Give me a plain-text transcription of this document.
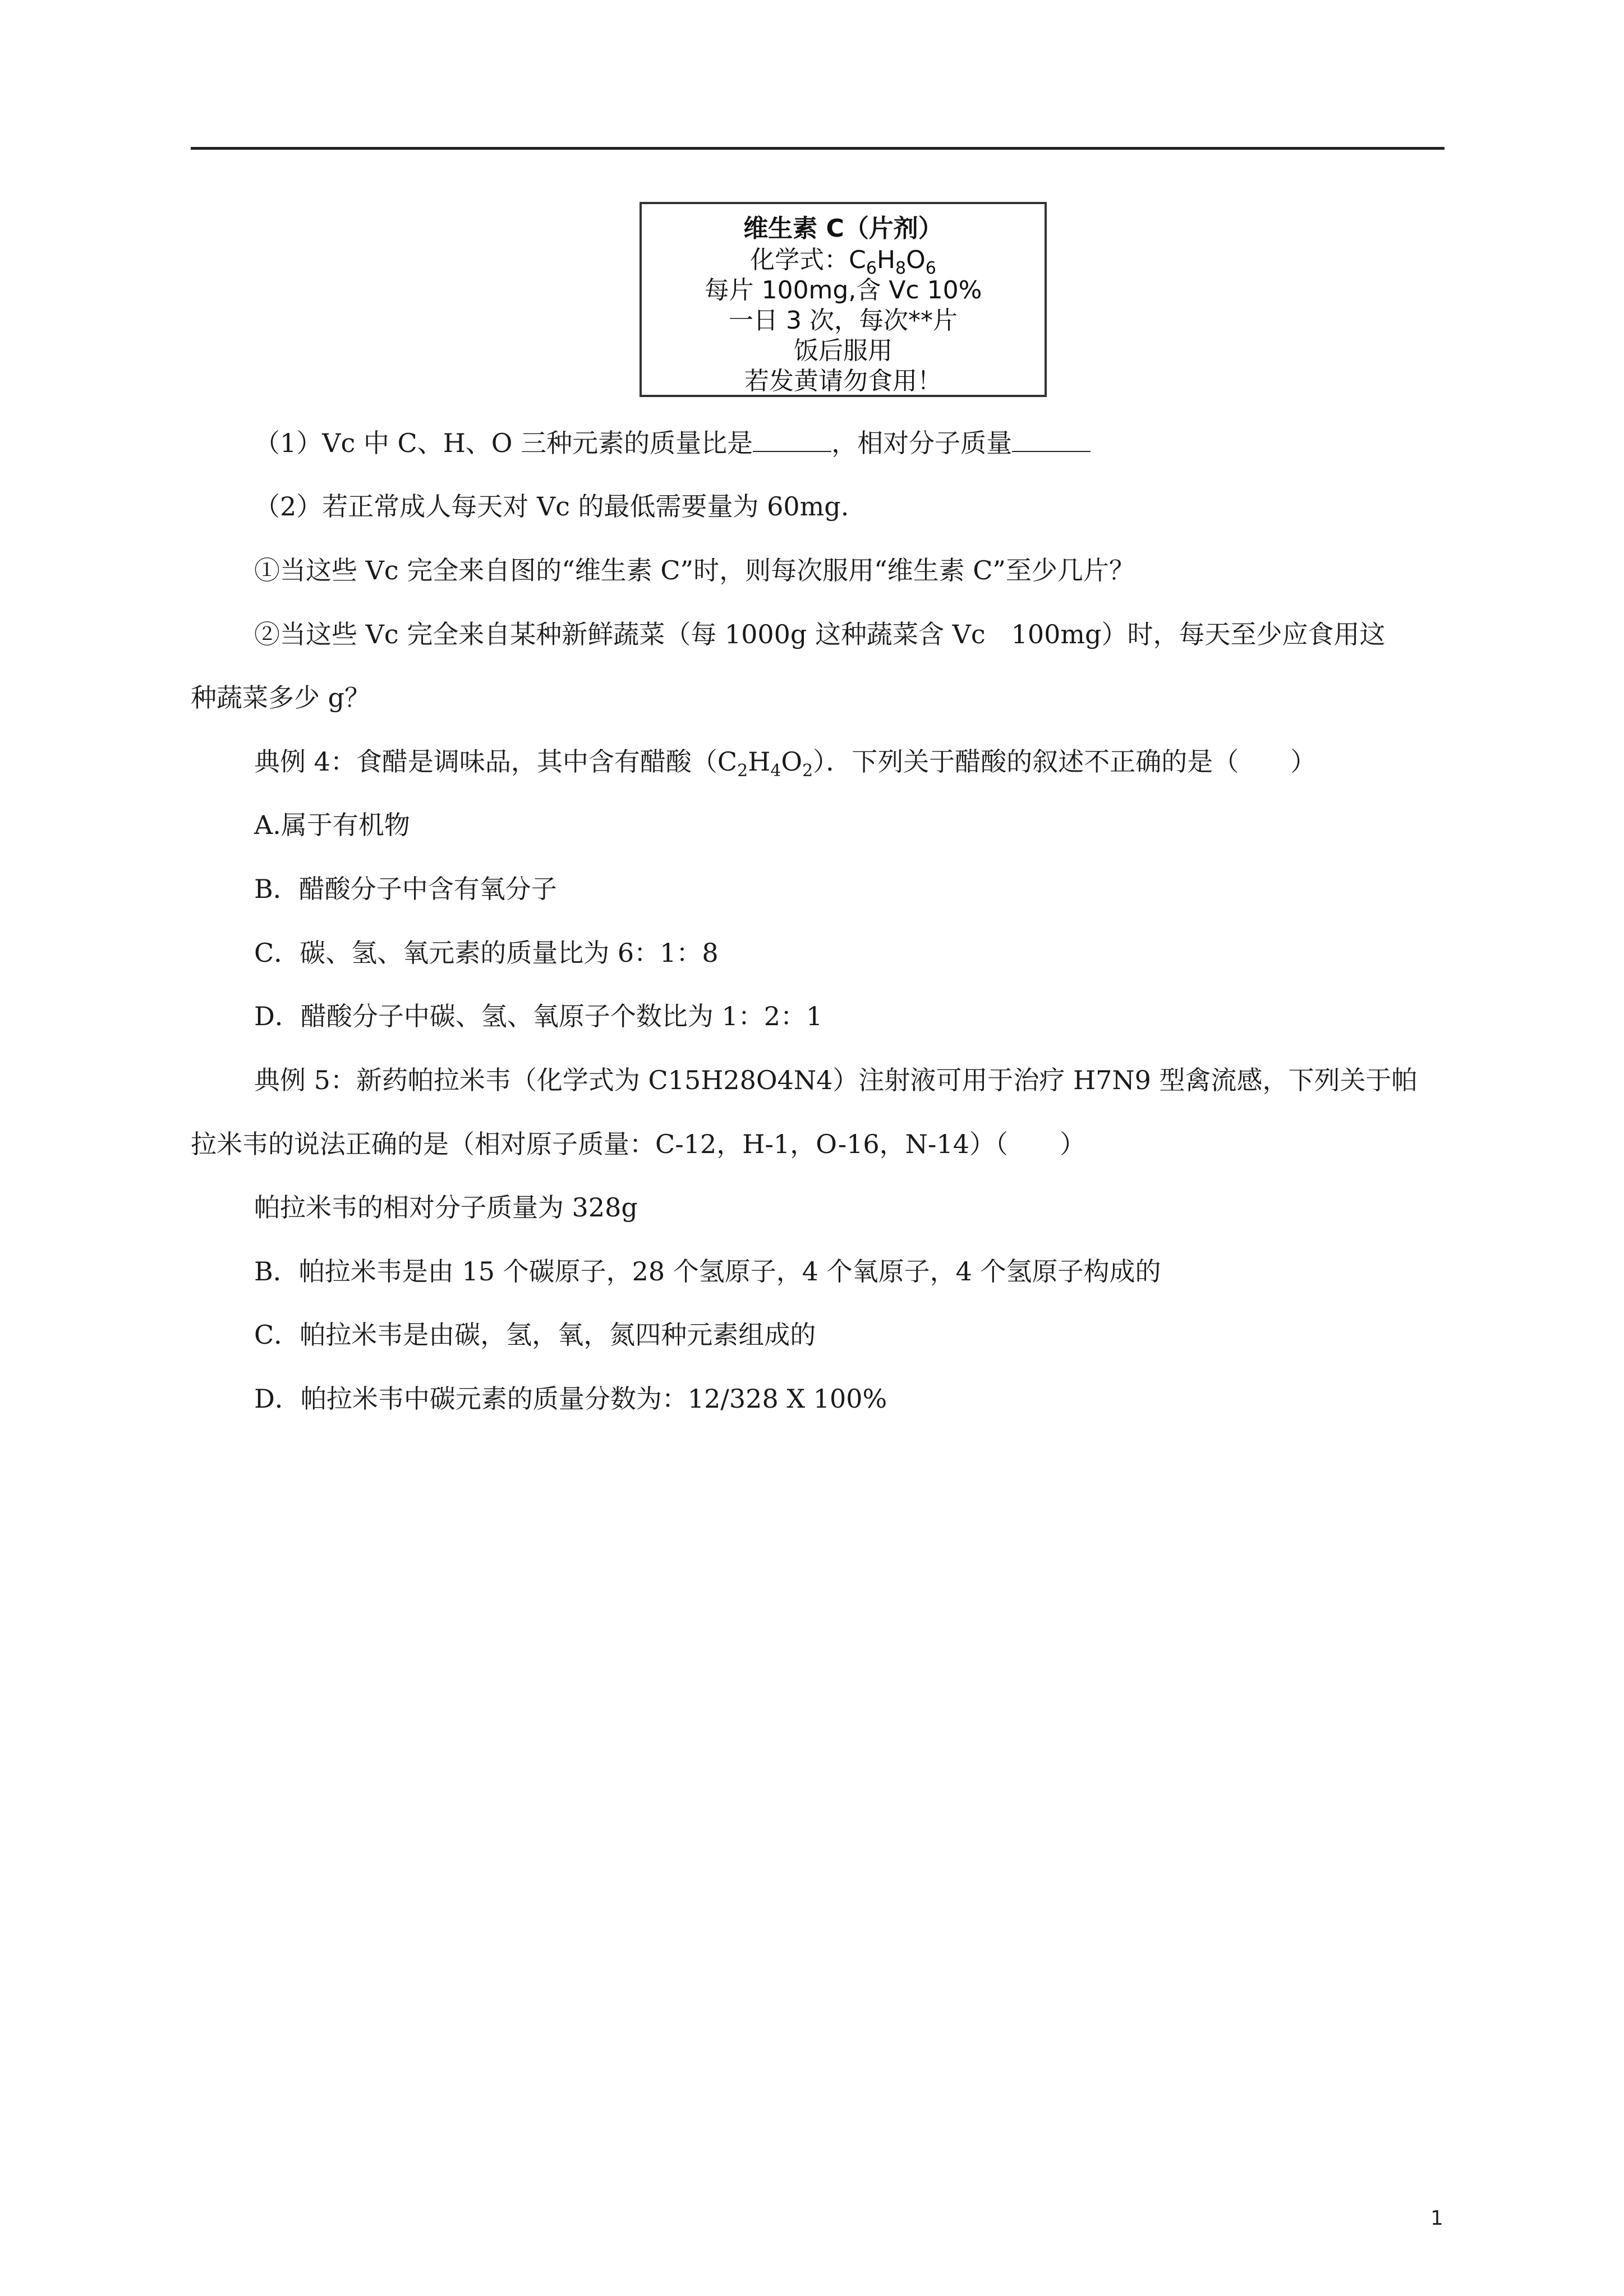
维生素 C（片剂）
化学式：$C_6H_8O_6$
每片 100mg,含 Vc 10%
一日 3 次，每次**片
饭后服用
若发黄请勿食用！
（1）Vc 中 C、H、O 三种元素的质量比是	，相对分子质量
（2）若正常成人每天对 Vc 的最低需要量为 60mg.
①当这些 Vc 完全来自图的“维生素 C”时，则每次服用“维生素 C”至少几片？
②当这些 Vc 完全来自某种新鲜蔬菜（每 1000g 这种蔬菜含 Vc　100mg）时，每天至少应食用这
种蔬菜多少 g？
典例 4：食醋是调味品，其中含有醋酸$(C_2H_4O_2)$．下列关于醋酸的叙述不正确的是（　　）
A.属于有机物
B．醋酸分子中含有氧分子
C．碳、氢、氧元素的质量比为 6：1：8
D．醋酸分子中碳、氢、氧原子个数比为 1：2：1
典例 5：新药帕拉米韦（化学式为 C15H28O4N4）注射液可用于治疗 H7N9 型禽流感，下列关于帕
拉米韦的说法正确的是（相对原子质量：C-12，H-1，O-16，N-14）（　　）
帕拉米韦的相对分子质量为 328g
B．帕拉米韦是由 15 个碳原子，28 个氢原子，4 个氧原子，4 个氢原子构成的
C．帕拉米韦是由碳，氢，氧，氮四种元素组成的
D．帕拉米韦中碳元素的质量分数为：12/328 X 100%
1
